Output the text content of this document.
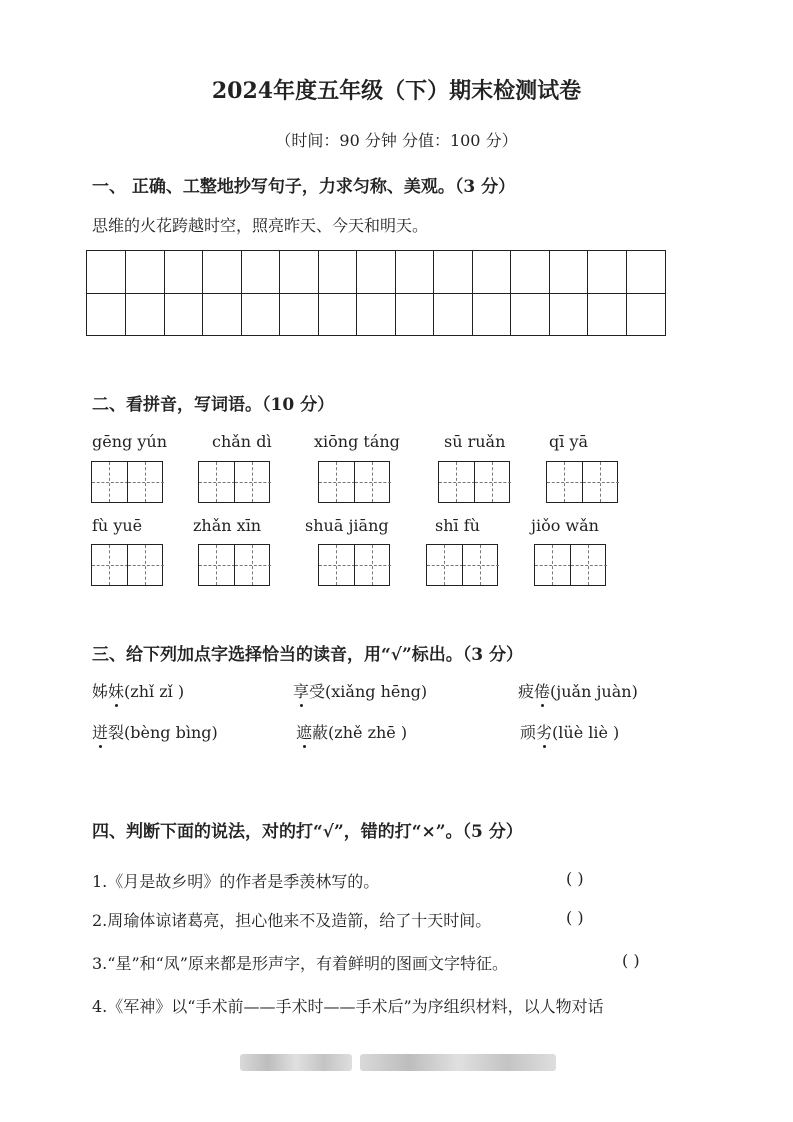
2024年度五年级（下）期末检测试卷
（时间：90 分钟 分值：100 分）
一、 正确、工整地抄写句子，力求匀称、美观。（3 分）
思维的火花跨越时空，照亮昨天、今天和明天。
二、看拼音，写词语。（10 分）
gēng yún	chǎn dì	xiōng táng	sū ruǎn	qī yā
fù yuē	zhǎn xīn	shuā jiāng	shī fù	jiǒo wǎn
三、给下列加点字选择恰当的读音，用“√”标出。（3 分）
姊妹(zhǐ zǐ )	享受(xiǎng hēng)	疲倦(juǎn juàn)
迸裂(bèng bìng)	遮蔽(zhě zhē )	顽劣(lüè liè )
四、判断下面的说法，对的打“√”，错的打“×”。（5 分）
1.《月是故乡明》的作者是季羡林写的。	( )
2.周瑜体谅诸葛亮，担心他来不及造箭，给了十天时间。	( )
3.“星”和“凤”原来都是形声字，有着鲜明的图画文字特征。	( )
4.《军神》以“手术前——手术时——手术后”为序组织材料，以人物对话
